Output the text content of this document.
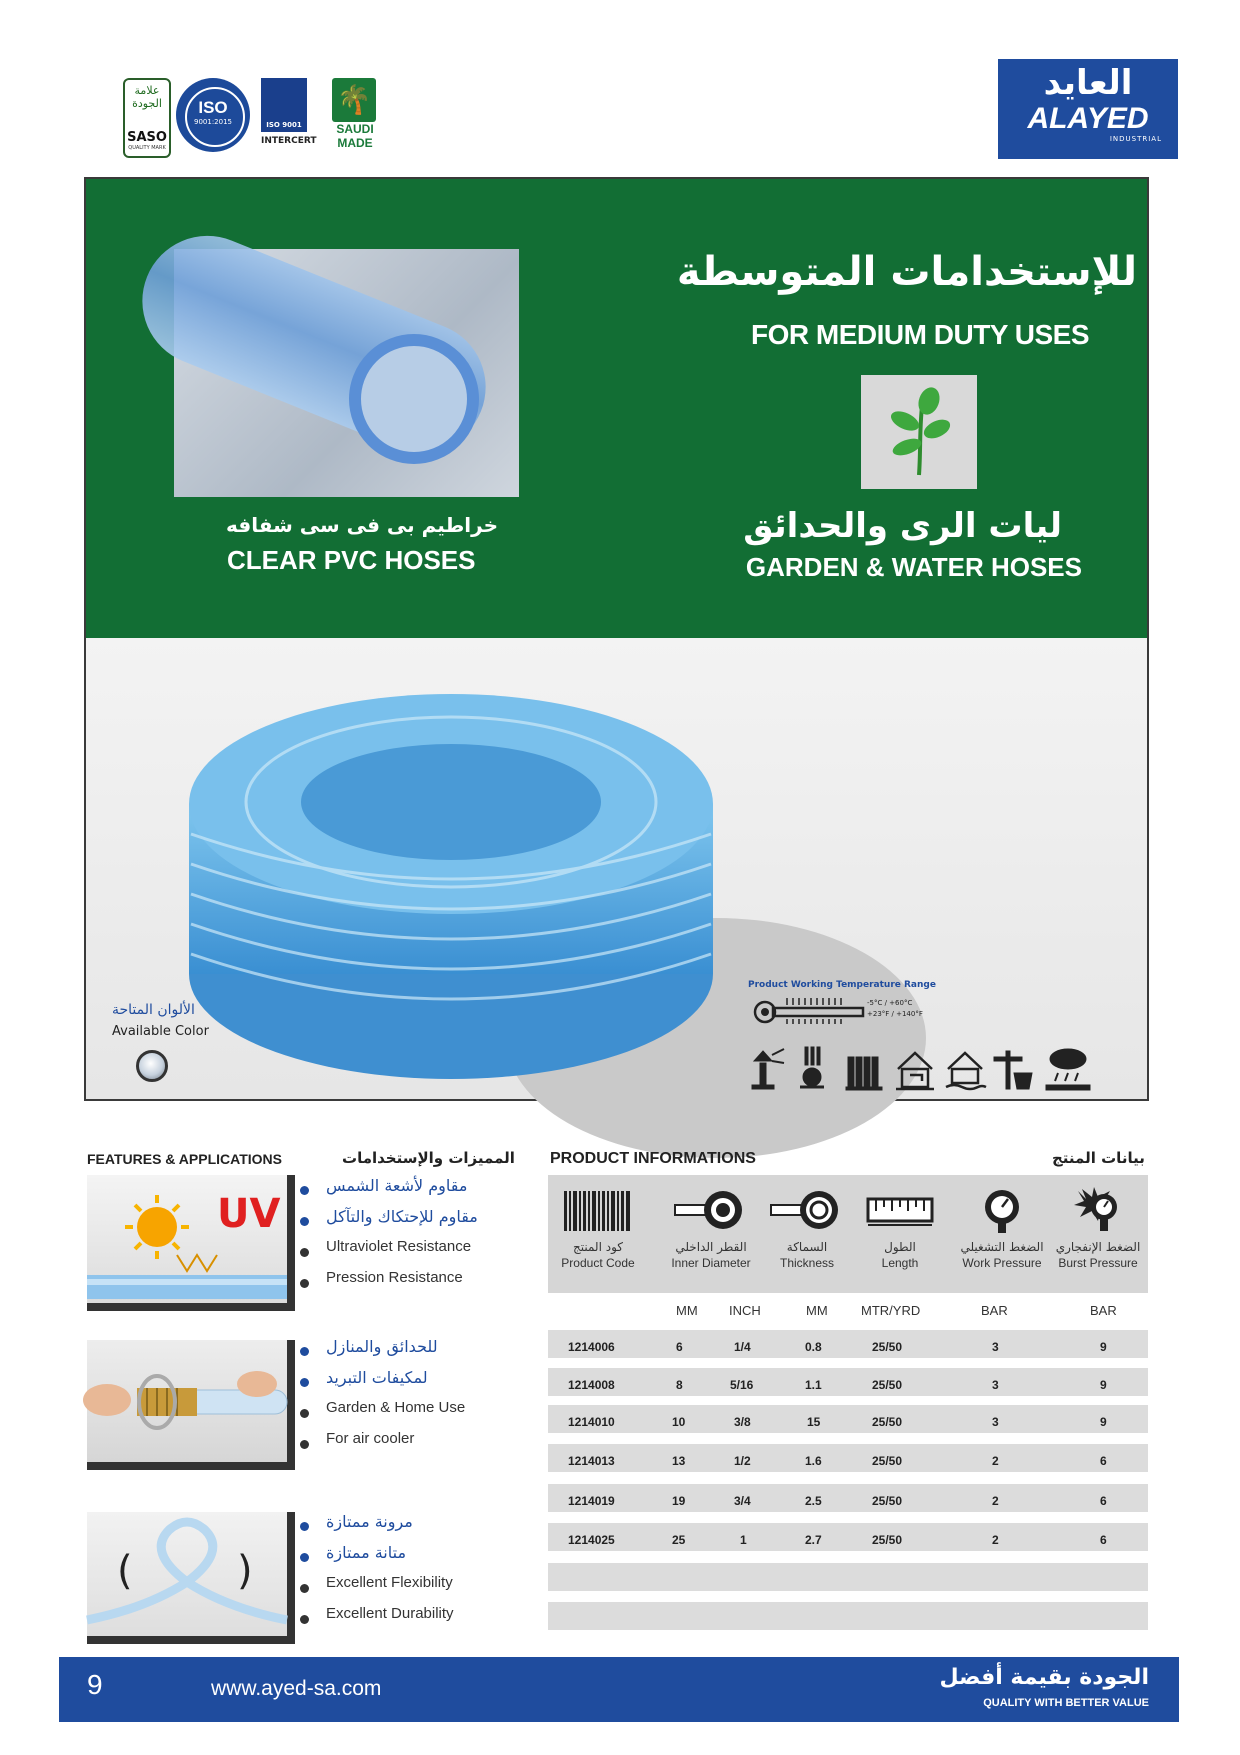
علامة الجودة
SASO
QUALITY MARK
ISO
9001:2015	ISO 9001
INTERCERT
🌴
SAUDI
MADE
العايد
ALAYED
INDUSTRIAL
للإستخدامات المتوسطة
FOR MEDIUM DUTY USES
ليات الرى والحدائق
GARDEN & WATER HOSES
خراطيم بى فى سى شفافه
CLEAR PVC HOSES
الألوان المتاحة
Available Color
Product Working Temperature Range
-5°C / +60°C
+23°F / +140°F
FEATURES & APPLICATIONS	المميزات والإستخدامات
UV
مقاوم لأشعة الشمس
مقاوم للإحتكاك والتآكل
Ultraviolet Resistance
Pression Resistance
للحدائق والمنازل
لمكيفات التبريد
Garden & Home Use
For air cooler
(	)
مرونة ممتازة
متانة ممتازة
Excellent Flexibility
Excellent Durability
PRODUCT INFORMATIONS	بيانات المنتج
كود المنتج
Product Code
القطر الداخلي
Inner Diameter
السماكة
Thickness
الطول
Length
الضغط التشغيلي
Work Pressure
الضغط الإنفجاري
Burst Pressure
MM INCH	MM	MTR/YRD	BAR	BAR
1214006	6	1/4	0.8	25/50	3	9
1214008	8	5/16	1.1	25/50	3	9
1214010	10	3/8	15	25/50	3	9
1214013	13	1/2	1.6	25/50	2	6
1214019	19	3/4	2.5	25/50	2	6
1214025	25	1	2.7	25/50	2	6
9	www.ayed-sa.com	الجودة بقيمة أفضل
QUALITY WITH BETTER VALUE
